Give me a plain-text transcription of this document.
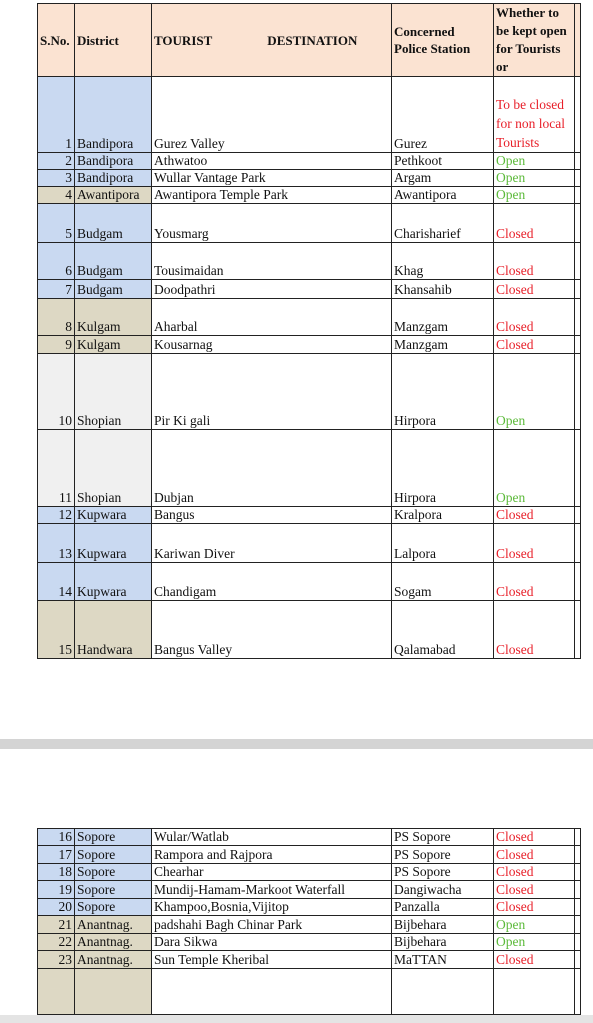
S.No.	District	TOURIST DESTINATION	Concerned Police Station	Whether to be kept open for Tourists or	
1	Bandipora	Gurez Valley	Gurez	To be closed for non local Tourists	
2	Bandipora	Athwatoo	Pethkoot	Open	
3	Bandipora	Wullar Vantage Park	Argam	Open	
4	Awantipora	Awantipora Temple Park	Awantipora	Open	
5	Budgam	Yousmarg	Charisharief	Closed	
6	Budgam	Tousimaidan	Khag	Closed	
7	Budgam	Doodpathri	Khansahib	Closed	
8	Kulgam	Aharbal	Manzgam	Closed	
9	Kulgam	Kousarnag	Manzgam	Closed	
10	Shopian	Pir Ki gali	Hirpora	Open	
11	Shopian	Dubjan	Hirpora	Open	
12	Kupwara	Bangus	Kralpora	Closed	
13	Kupwara	Kariwan Diver	Lalpora	Closed	
14	Kupwara	Chandigam	Sogam	Closed	
15	Handwara	Bangus Valley	Qalamabad	Closed	
16	Sopore	Wular/Watlab	PS Sopore	Closed	
17	Sopore	Rampora and Rajpora	PS Sopore	Closed	
18	Sopore	Chearhar	PS Sopore	Closed	
19	Sopore	Mundij-Hamam-Markoot Waterfall	Dangiwacha	Closed	
20	Sopore	Khampoo,Bosnia,Vijitop	Panzalla	Closed	
21	Anantnag.	padshahi Bagh Chinar Park	Bijbehara	Open	
22	Anantnag.	Dara Sikwa	Bijbehara	Open	
23	Anantnag.	Sun Temple Kheribal	MaTTAN	Closed	
